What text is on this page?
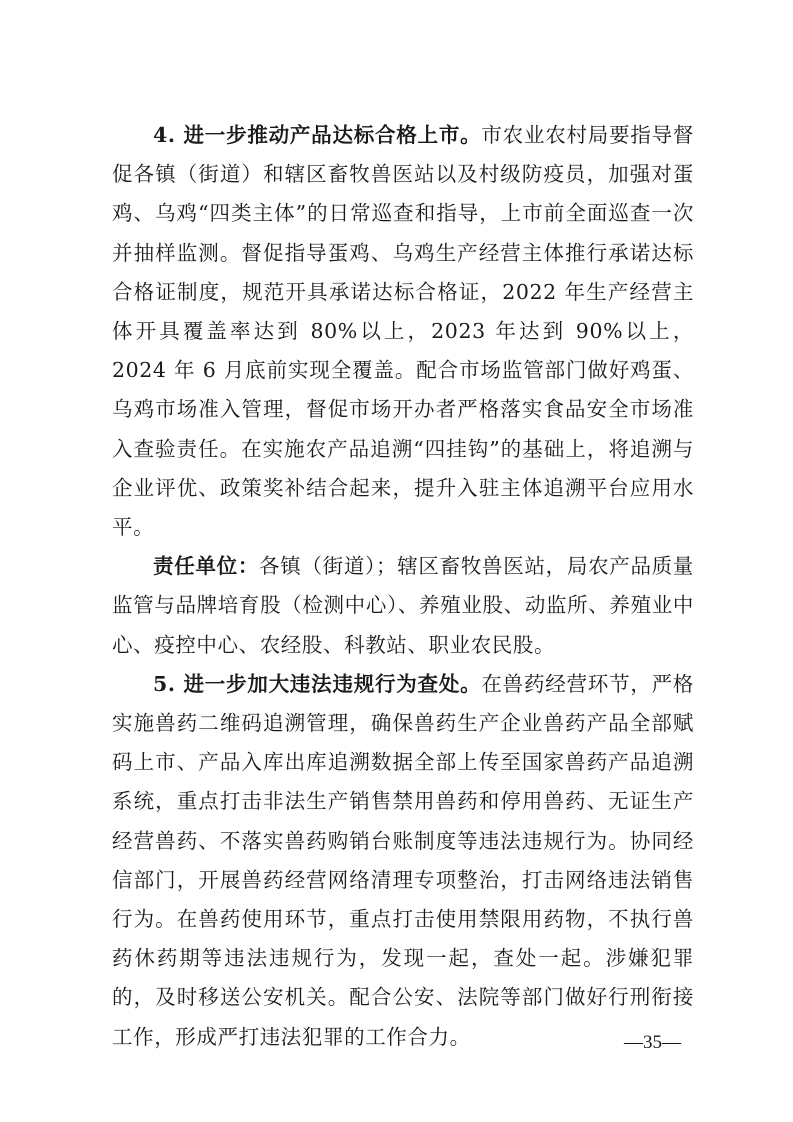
4. 进一步推动产品达标合格上市。市农业农村局要指导督促各镇（街道）和辖区畜牧兽医站以及村级防疫员，加强对蛋鸡、乌鸡“四类主体”的日常巡查和指导，上市前全面巡查一次并抽样监测。督促指导蛋鸡、乌鸡生产经营主体推行承诺达标合格证制度，规范开具承诺达标合格证，2022 年生产经营主体开具覆盖率达到 80%以上，2023 年达到 90%以上，2024 年 6 月底前实现全覆盖。配合市场监管部门做好鸡蛋、乌鸡市场准入管理，督促市场开办者严格落实食品安全市场准入查验责任。在实施农产品追溯“四挂钩”的基础上，将追溯与企业评优、政策奖补结合起来，提升入驻主体追溯平台应用水平。

责任单位：各镇（街道）；辖区畜牧兽医站，局农产品质量监管与品牌培育股（检测中心）、养殖业股、动监所、养殖业中心、疫控中心、农经股、科教站、职业农民股。

5. 进一步加大违法违规行为查处。在兽药经营环节，严格实施兽药二维码追溯管理，确保兽药生产企业兽药产品全部赋码上市、产品入库出库追溯数据全部上传至国家兽药产品追溯系统，重点打击非法生产销售禁用兽药和停用兽药、无证生产经营兽药、不落实兽药购销台账制度等违法违规行为。协同经信部门，开展兽药经营网络清理专项整治，打击网络违法销售行为。在兽药使用环节，重点打击使用禁限用药物，不执行兽药休药期等违法违规行为，发现一起，查处一起。涉嫌犯罪的，及时移送公安机关。配合公安、法院等部门做好行刑衔接工作，形成严打违法犯罪的工作合力。	—35—
